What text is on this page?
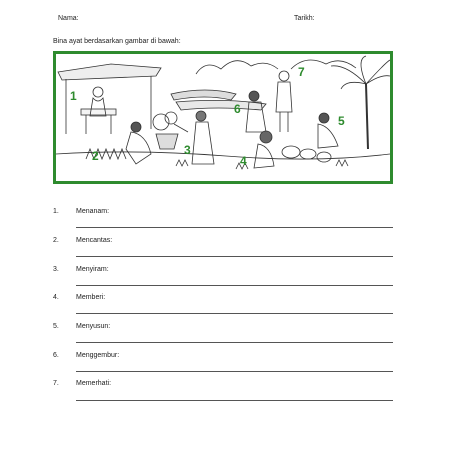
Nama:	Tarikh:
Bina ayat berdasarkan gambar di bawah:
1
2	3
4
5
6
7
1. Menanam:
2. Mencantas:
3. Menyiram:
4. Memberi:
5. Menyusun:
6. Menggembur:
7. Memerhati:
